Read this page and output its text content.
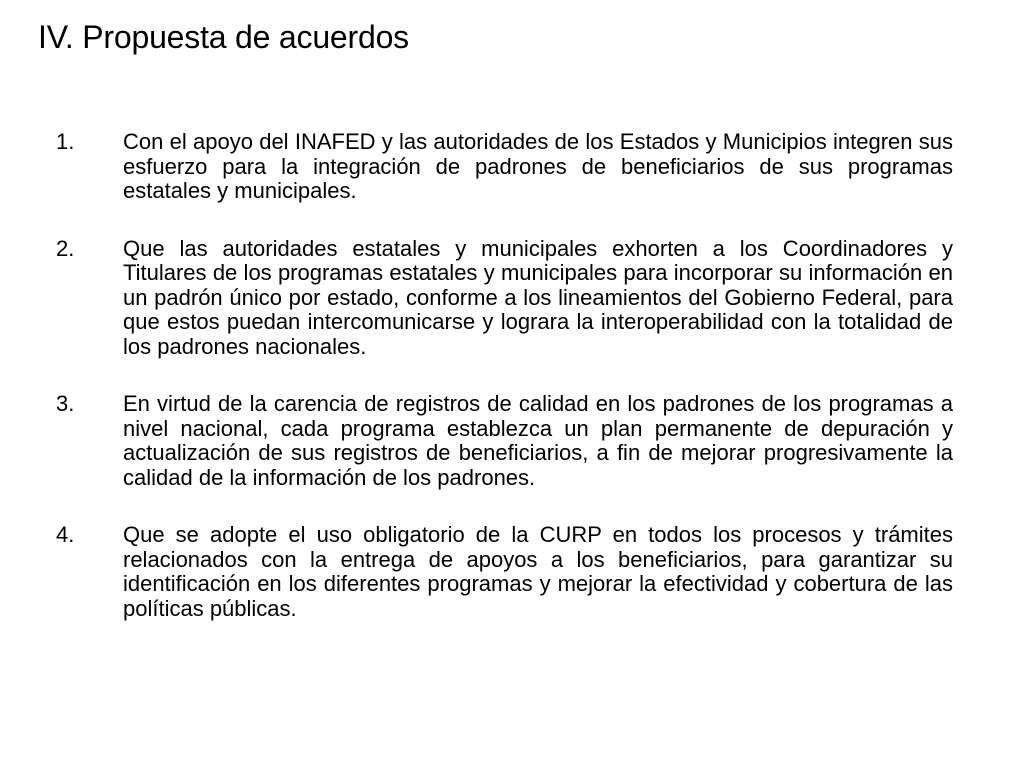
IV. Propuesta de acuerdos
1.	Con el apoyo del INAFED y las autoridades de los Estados y Municipios integren sus esfuerzo para la integración de padrones de beneficiarios de sus programas estatales y municipales.
2.	Que las autoridades estatales y municipales exhorten a los Coordinadores y Titulares de los programas estatales y municipales para incorporar su información en un padrón único por estado, conforme a los lineamientos del Gobierno Federal, para que estos puedan intercomunicarse y lograra la interoperabilidad con la totalidad de los padrones nacionales.
3.	En virtud de la carencia de registros de calidad en los padrones de los programas a nivel nacional, cada programa establezca un plan permanente de depuración y actualización de sus registros de beneficiarios, a fin de mejorar progresivamente la calidad de la información de los padrones.
4.	Que se adopte el uso obligatorio de la CURP en todos los procesos y trámites relacionados con la entrega de apoyos a los beneficiarios, para garantizar su identificación en los diferentes programas y mejorar la efectividad y cobertura de las políticas públicas.
